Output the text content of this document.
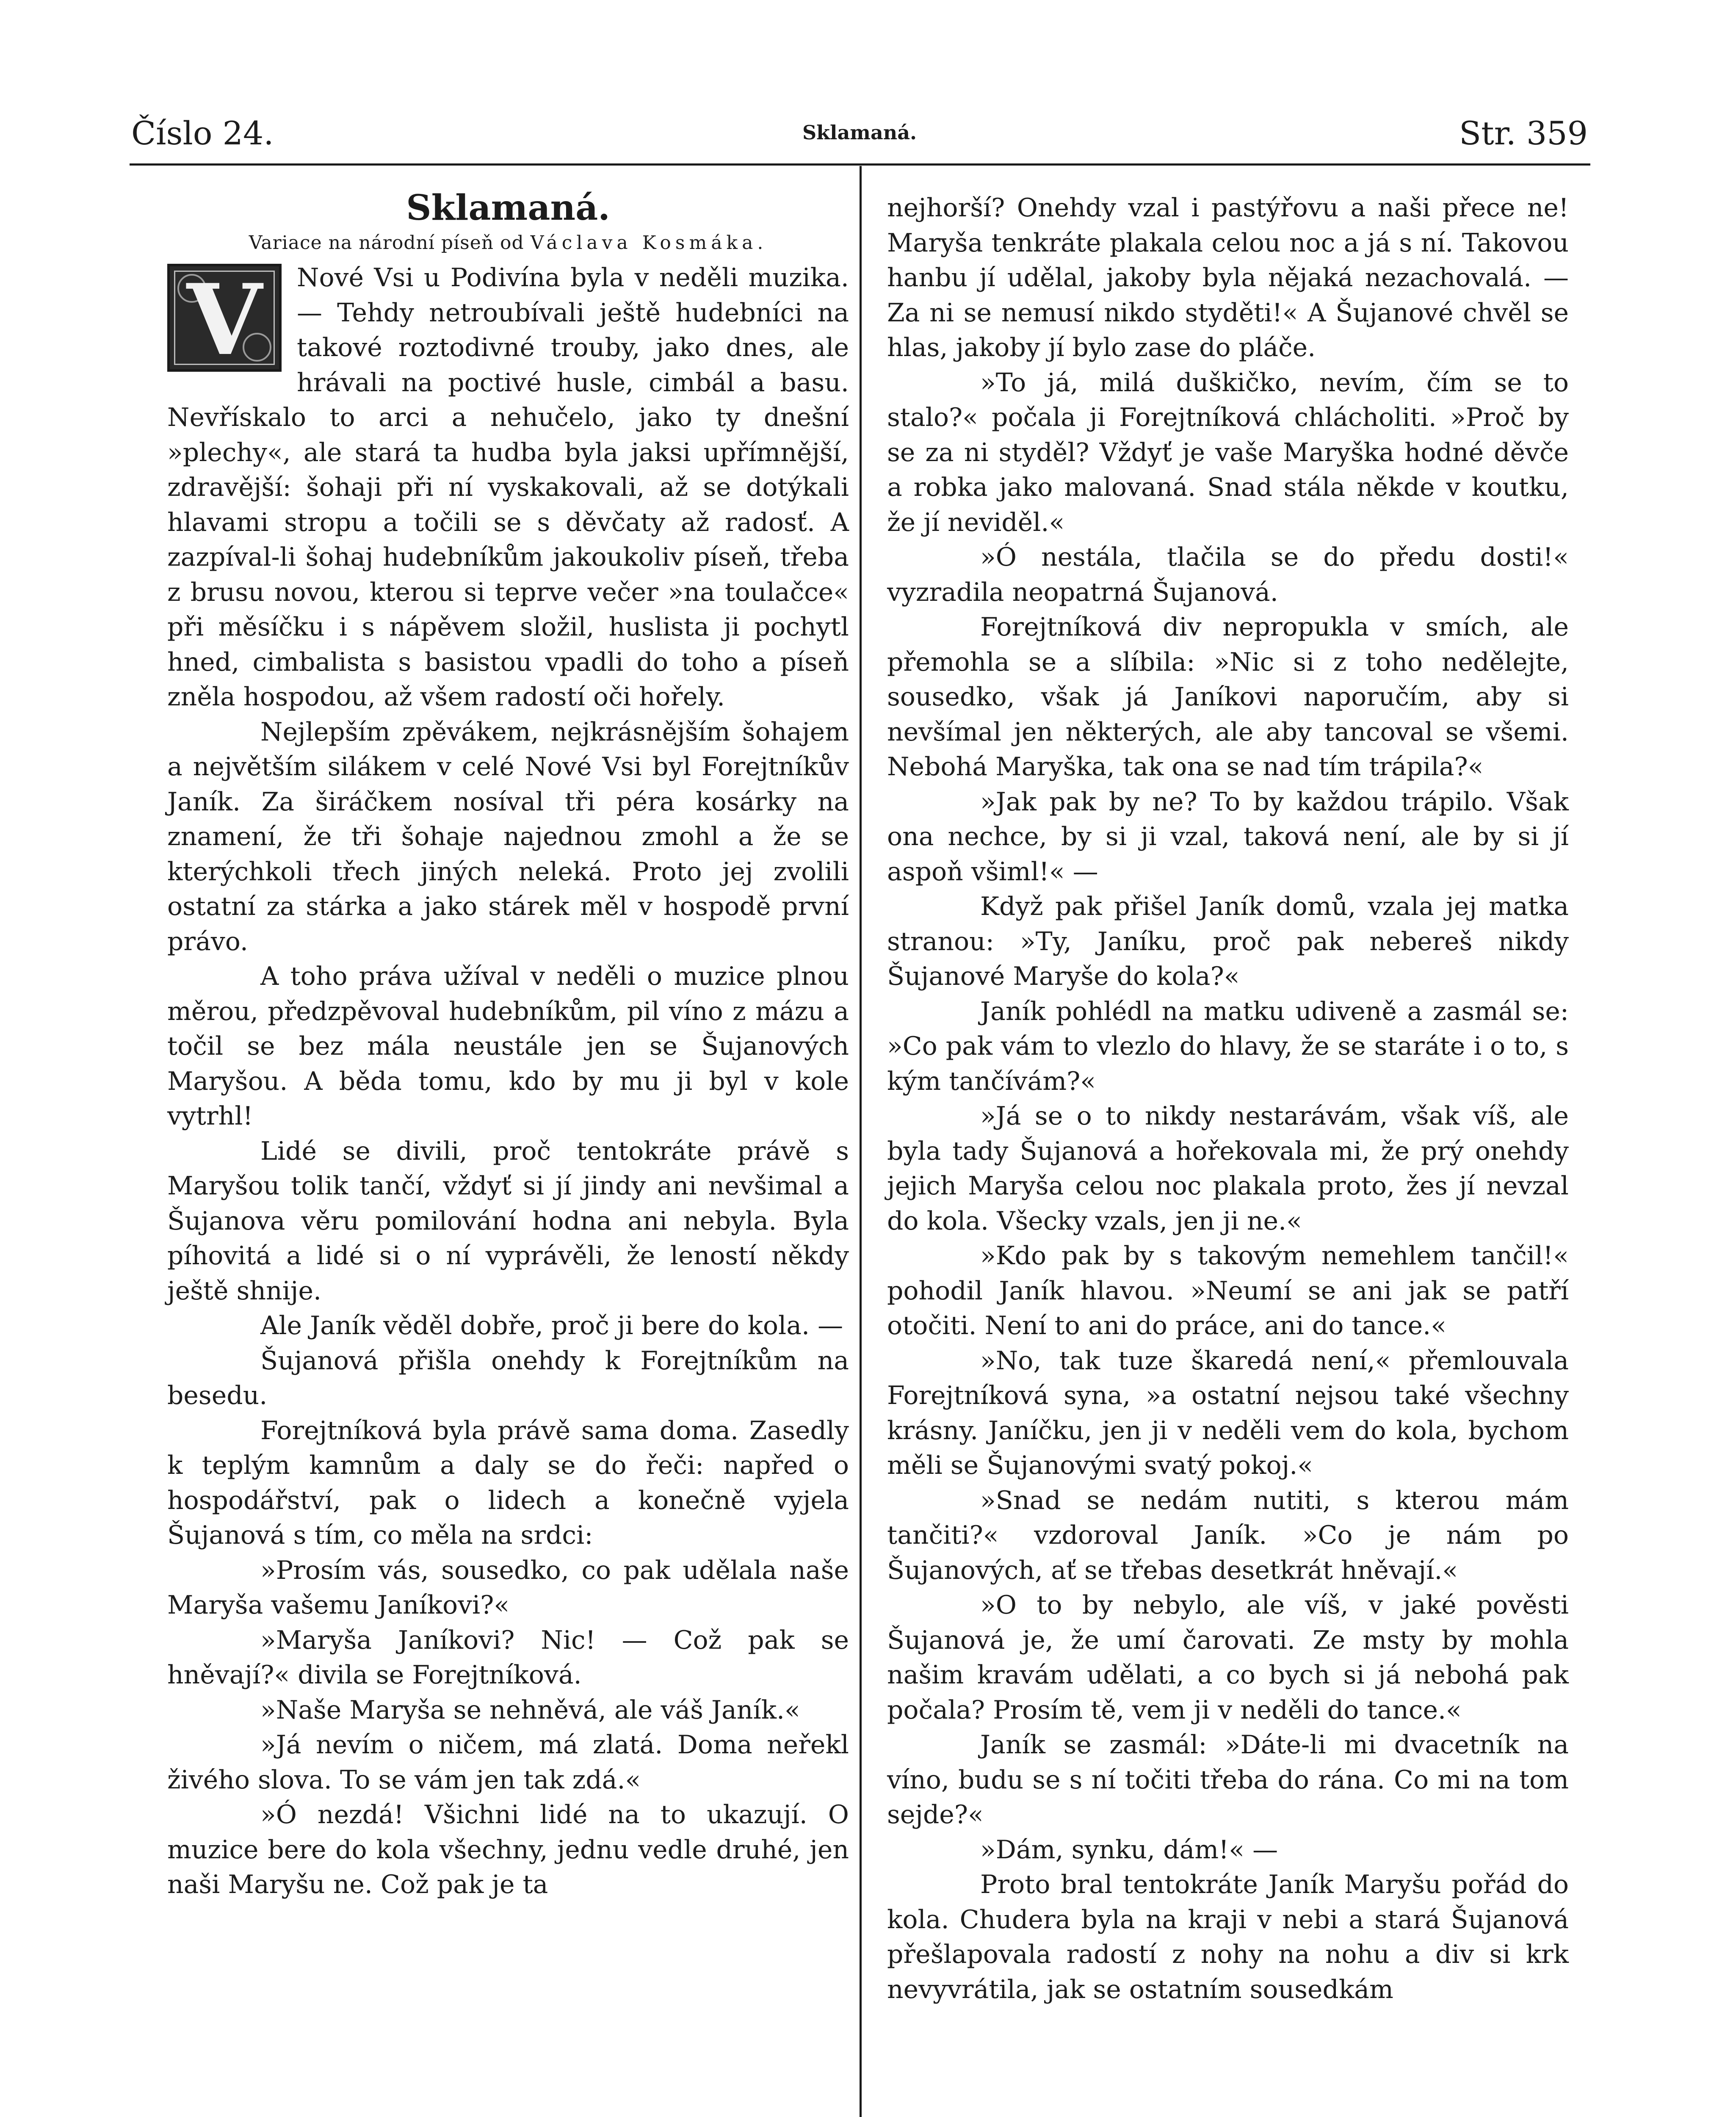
Číslo 24.	Sklamaná.	Str. 359

Sklamaná.

Variace na národní píseň od Václava Kosmáka.

V	Nové Vsi u Podivína byla v neděli muzika. — Tehdy netroubívali ještě hudebníci na takové roztodivné trouby, jako dnes, ale hrávali na poctivé husle, cimbál a basu. Nevřískalo to arci a nehučelo, jako ty dnešní »plechy«, ale stará ta hudba byla jaksi upřímnější, zdravější: šohaji při ní vyskakovali, až se dotýkali hlavami stropu a točili se s děvčaty až radosť. A zazpíval-li šohaj hudebníkům jakoukoliv píseň, třeba z brusu novou, kterou si teprve večer »na toulačce« při měsíčku i s nápěvem složil, huslista ji pochytl hned, cimbalista s basistou vpadli do toho a píseň zněla hospodou, až všem radostí oči hořely.

Nejlepším zpěvákem, nejkrásnějším šohajem a největším silákem v celé Nové Vsi byl Forejtníkův Janík. Za širáčkem nosíval tři péra kosárky na znamení, že tři šohaje najednou zmohl a že se kterýchkoli třech jiných neleká. Proto jej zvolili ostatní za stárka a jako stárek měl v hospodě první právo.

A toho práva užíval v neděli o muzice plnou měrou, předzpěvoval hudebníkům, pil víno z mázu a točil se bez mála neustále jen se Šujanových Maryšou. A běda tomu, kdo by mu ji byl v kole vytrhl!

Lidé se divili, proč tentokráte právě s Maryšou tolik tančí, vždyť si jí jindy ani nevšimal a Šujanova věru pomilování hodna ani nebyla. Byla píhovitá a lidé si o ní vyprávěli, že leností někdy ještě shnije.

Ale Janík věděl dobře, proč ji bere do kola. —

Šujanová přišla onehdy k Forejtníkům na besedu.

Forejtníková byla právě sama doma. Zasedly k teplým kamnům a daly se do řeči: napřed o hospodářství, pak o lidech a konečně vyjela Šujanová s tím, co měla na srdci:

»Prosím vás, sousedko, co pak udělala naše Maryša vašemu Janíkovi?«

»Maryša Janíkovi? Nic! — Což pak se hněvají?« divila se Forejtníková.

»Naše Maryša se nehněvá, ale váš Janík.«

»Já nevím o ničem, má zlatá. Doma neřekl živého slova. To se vám jen tak zdá.«

»Ó nezdá! Všichni lidé na to ukazují. O muzice bere do kola všechny, jednu vedle druhé, jen naši Maryšu ne. Což pak je ta

nejhorší? Onehdy vzal i pastýřovu a naši přece ne! Maryša tenkráte plakala celou noc a já s ní. Takovou hanbu jí udělal, jakoby byla nějaká nezachovalá. — Za ni se nemusí nikdo styděti!« A Šujanové chvěl se hlas, jakoby jí bylo zase do pláče.

»To já, milá duškičko, nevím, čím se to stalo?« počala ji Forejtníková chlácholiti. »Proč by se za ni styděl? Vždyť je vaše Maryška hodné děvče a robka jako malovaná. Snad stála někde v koutku, že jí neviděl.«

»Ó nestála, tlačila se do předu dosti!« vyzradila neopatrná Šujanová.

Forejtníková div nepropukla v smích, ale přemohla se a slíbila: »Nic si z toho nedělejte, sousedko, však já Janíkovi naporučím, aby si nevšímal jen některých, ale aby tancoval se všemi. Nebohá Maryška, tak ona se nad tím trápila?«

»Jak pak by ne? To by každou trápilo. Však ona nechce, by si ji vzal, taková není, ale by si jí aspoň všiml!« —

Když pak přišel Janík domů, vzala jej matka stranou: »Ty, Janíku, proč pak nebereš nikdy Šujanové Maryše do kola?«

Janík pohlédl na matku udiveně a zasmál se: »Co pak vám to vlezlo do hlavy, že se staráte i o to, s kým tančívám?«

»Já se o to nikdy nestarávám, však víš, ale byla tady Šujanová a hořekovala mi, že prý onehdy jejich Maryša celou noc plakala proto, žes jí nevzal do kola. Všecky vzals, jen ji ne.«

»Kdo pak by s takovým nemehlem tančil!« pohodil Janík hlavou. »Neumí se ani jak se patří otočiti. Není to ani do práce, ani do tance.«

»No, tak tuze škaredá není,« přemlouvala Forejtníková syna, »a ostatní nejsou také všechny krásny. Janíčku, jen ji v neděli vem do kola, bychom měli se Šujanovými svatý pokoj.«

»Snad se nedám nutiti, s kterou mám tančiti?« vzdoroval Janík. »Co je nám po Šujanových, ať se třebas desetkrát hněvají.«

»O to by nebylo, ale víš, v jaké pověsti Šujanová je, že umí čarovati. Ze msty by mohla našim kravám udělati, a co bych si já nebohá pak počala? Prosím tě, vem ji v neděli do tance.«

Janík se zasmál: »Dáte-li mi dvacetník na víno, budu se s ní točiti třeba do rána. Co mi na tom sejde?«

»Dám, synku, dám!« —

Proto bral tentokráte Janík Maryšu pořád do kola. Chudera byla na kraji v nebi a stará Šujanová přešlapovala radostí z nohy na nohu a div si krk nevyvrátila, jak se ostatním sousedkám
